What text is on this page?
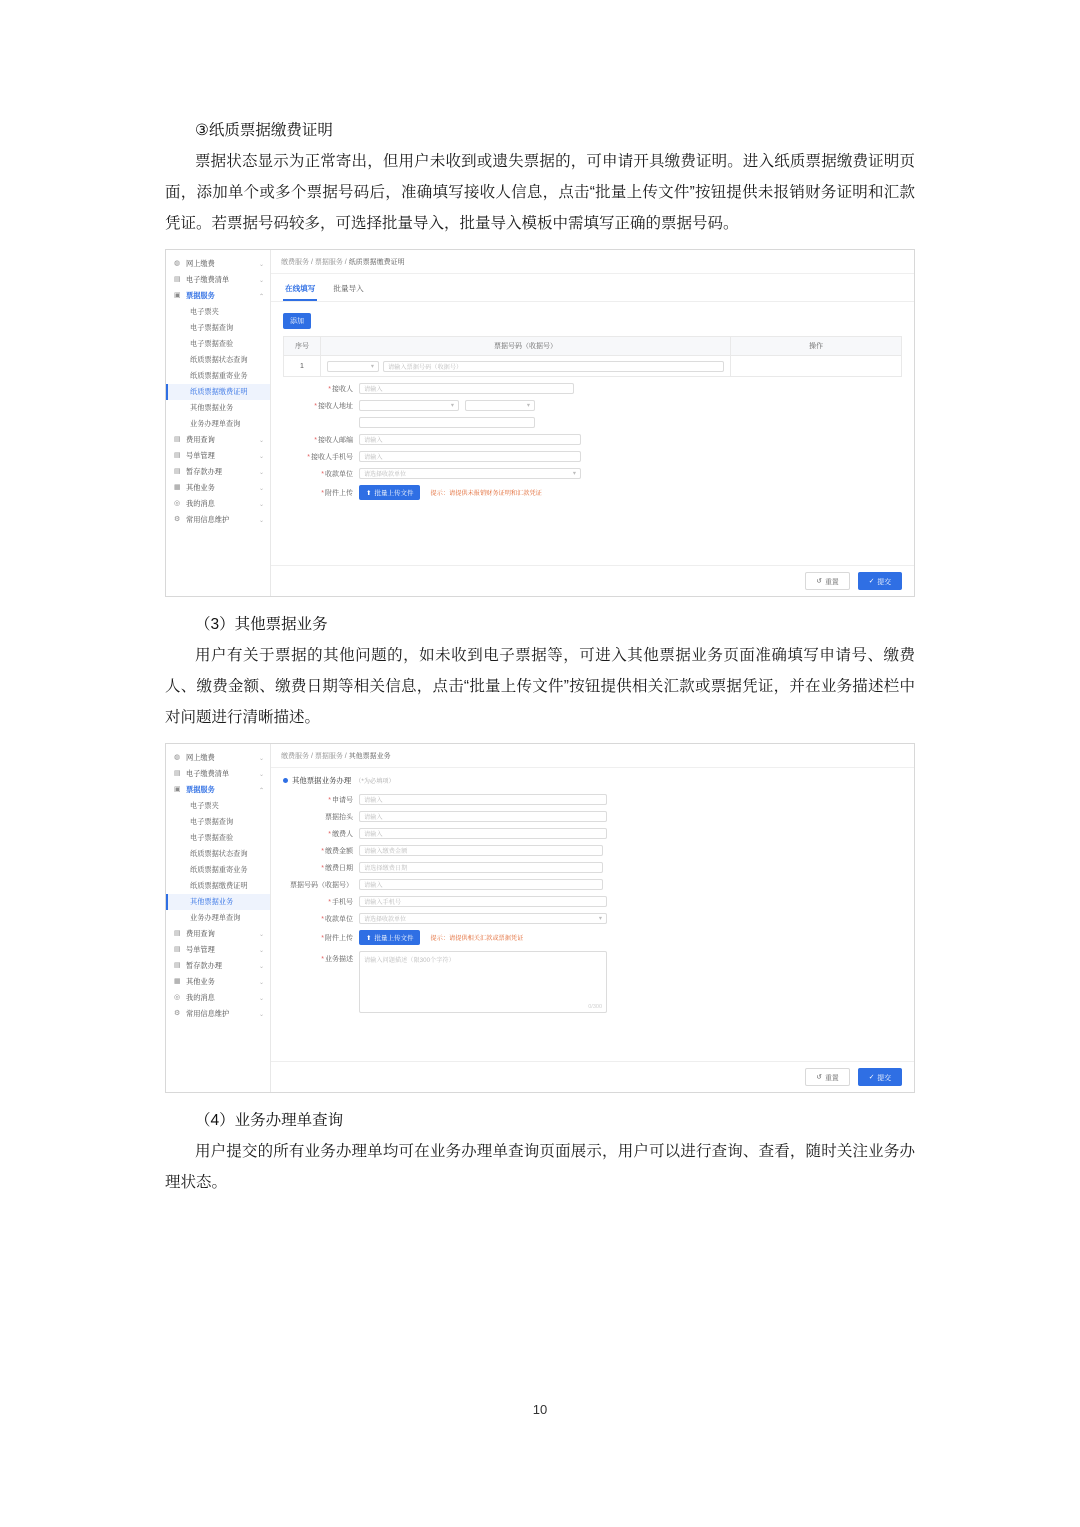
③纸质票据缴费证明

票据状态显示为正常寄出，但用户未收到或遗失票据的，可申请开具缴费证明。进入纸质票据缴费证明页面，添加单个或多个票据号码后，准确填写接收人信息，点击“批量上传文件”按钮提供未报销财务证明和汇款凭证。若票据号码较多，可选择批量导入，批量导入模板中需填写正确的票据号码。

◍ 网上缴费	⌄
▤ 电子缴费清单	⌄
▣ 票据服务	⌃
电子票夹
电子票据查询
电子票据查验
纸质票据状态查询
纸质票据重寄业务
纸质票据缴费证明
其他票据业务
业务办理单查询
▤ 费用查询	⌄
▤ 号单管理	⌄
▤ 暂存款办理	⌄
▦ 其他业务	⌄
◎ 我的消息	⌄
⚙ 常用信息维护	⌄
缴费服务 / 票据服务 / 纸质票据缴费证明
在线填写 批量导入
添加
序号	票据号码（收据号）	操作
1	▾ 请输入票据号码（收据号）	

*接收人	请输入
*接收人地址	▾	▾
*接收人邮编	请输入
*接收人手机号	请输入
*收款单位	请选择收款单位	▾
*附件上传	⬆ 批量上传文件	提示：请提供未报销财务证明和汇款凭证
↺ 重置	✓ 提交

（3）其他票据业务

用户有关于票据的其他问题的，如未收到电子票据等，可进入其他票据业务页面准确填写申请号、缴费人、缴费金额、缴费日期等相关信息，点击“批量上传文件”按钮提供相关汇款或票据凭证，并在业务描述栏中对问题进行清晰描述。

◍ 网上缴费	⌄
▤ 电子缴费清单	⌄
▣ 票据服务	⌃
电子票夹
电子票据查询
电子票据查验
纸质票据状态查询
纸质票据重寄业务
纸质票据缴费证明
其他票据业务
业务办理单查询
▤ 费用查询	⌄
▤ 号单管理	⌄
▤ 暂存款办理	⌄
▦ 其他业务	⌄
◎ 我的消息	⌄
⚙ 常用信息维护	⌄
缴费服务 / 票据服务 / 其他票据业务
其他票据业务办理 （*为必填项）
*申请号	请输入
票据抬头	请输入
*缴费人	请输入
*缴费金额	请输入缴费金额
*缴费日期	请选择缴费日期
票据号码（收据号）	请输入
*手机号	请输入手机号
*收款单位	请选择收款单位	▾
*附件上传	⬆ 批量上传文件	提示：请提供相关汇款或票据凭证
*业务描述	请输入问题描述（限300个字符）
0/300
↺ 重置	✓ 提交

（4）业务办理单查询

用户提交的所有业务办理单均可在业务办理单查询页面展示，用户可以进行查询、查看，随时关注业务办理状态。

10
